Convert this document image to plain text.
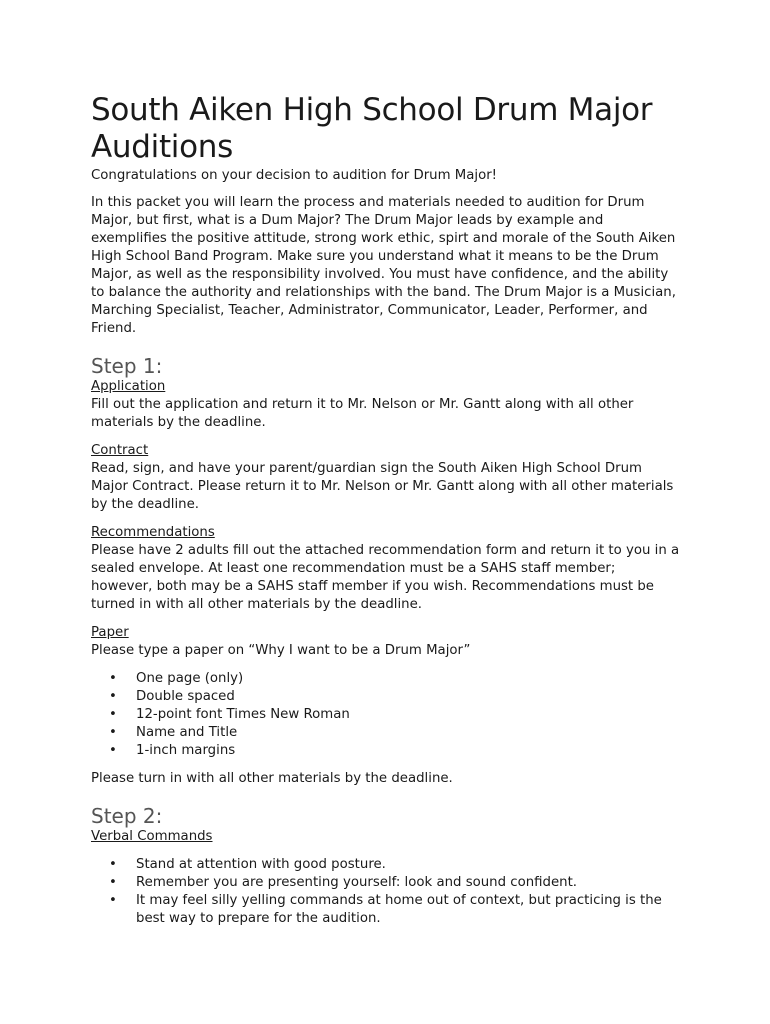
South Aiken High School Drum Major Auditions

Congratulations on your decision to audition for Drum Major!

In this packet you will learn the process and materials needed to audition for Drum Major, but first, what is a Dum Major? The Drum Major leads by example and exemplifies the positive attitude, strong work ethic, spirt and morale of the South Aiken High School Band Program. Make sure you understand what it means to be the Drum Major, as well as the responsibility involved. You must have confidence, and the ability to balance the authority and relationships with the band. The Drum Major is a Musician, Marching Specialist, Teacher, Administrator, Communicator, Leader, Performer, and Friend.

Step 1:

Application

Fill out the application and return it to Mr. Nelson or Mr. Gantt along with all other materials by the deadline.

Contract

Read, sign, and have your parent/guardian sign the South Aiken High School Drum Major Contract. Please return it to Mr. Nelson or Mr. Gantt along with all other materials by the deadline.

Recommendations

Please have 2 adults fill out the attached recommendation form and return it to you in a sealed envelope. At least one recommendation must be a SAHS staff member; however, both may be a SAHS staff member if you wish. Recommendations must be turned in with all other materials by the deadline.

Paper

Please type a paper on “Why I want to be a Drum Major”

• One page (only)
• Double spaced
• 12-point font Times New Roman
• Name and Title
• 1-inch margins

Please turn in with all other materials by the deadline.

Step 2:

Verbal Commands

• Stand at attention with good posture.
• Remember you are presenting yourself: look and sound confident.
• It may feel silly yelling commands at home out of context, but practicing is the best way to prepare for the audition.
